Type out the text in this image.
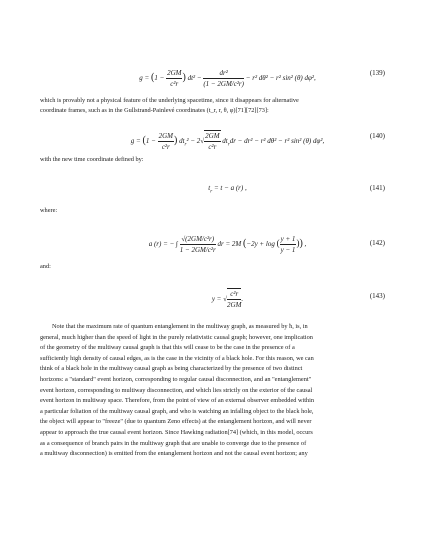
$g = (1 - \frac{2GM}{\text{c²r}}$ ) $dt^2 - \frac{\text{dr²}}{\text{(1 − 2GM/c²r)}} - r^2$ dθ² − r² sin² (θ) dφ²,
(139)
which is provably not a physical feature of the underlying spacetime, since it disappears for alternative
coordinate frames, such as in the Gullstrand-Painlevé coordinates (t_r, r, θ, φ)[71][72][73]:
$g = (1 - \frac{2GM}{\text{c²r}}$ ) $dt_r^2 - 2√ \frac{2GM}{\text{c²r}} dt_rdr - dr^2 - r^2$ dθ² − r² sin² (θ) dφ²,
(140)
with the new time coordinate defined by:
$t_r = t - a$ (r) ,	(141)
where:
a (r) = − ∫ $\frac{\text{√(2GM/c²r)}}{\text{1 − 2GM/c²r}}$ dr = 2M (−2y + log ( $\frac{y + 1}{y - 1}$ )) ,	(142)
and:
y = √ $\frac{\text{c²r}}{2GM}$ .	(143)
Note that the maximum rate of quantum entanglement in the multiway graph, as measured by ħ, is, in
general, much higher than the speed of light in the purely relativistic causal graph; however, one implication
of the geometry of the multiway causal graph is that this will cease to be the case in the presence of a
sufficiently high density of causal edges, as is the case in the vicinity of a black hole. For this reason, we can
think of a black hole in the multiway causal graph as being characterized by the presence of two distinct
horizons: a "standard" event horizon, corresponding to regular causal disconnection, and an "entanglement"
event horizon, corresponding to multiway disconnection, and which lies strictly on the exterior of the causal
event horizon in multiway space. Therefore, from the point of view of an external observer embedded within
a particular foliation of the multiway causal graph, and who is watching an infalling object to the black hole,
the object will appear to "freeze" (due to quantum Zeno effects) at the entanglement horizon, and will never
appear to approach the true causal event horizon. Since Hawking radiation[74] (which, in this model, occurs
as a consequence of branch pairs in the multiway graph that are unable to converge due to the presence of
a multiway disconnection) is emitted from the entanglement horizon and not the causal event horizon; any
